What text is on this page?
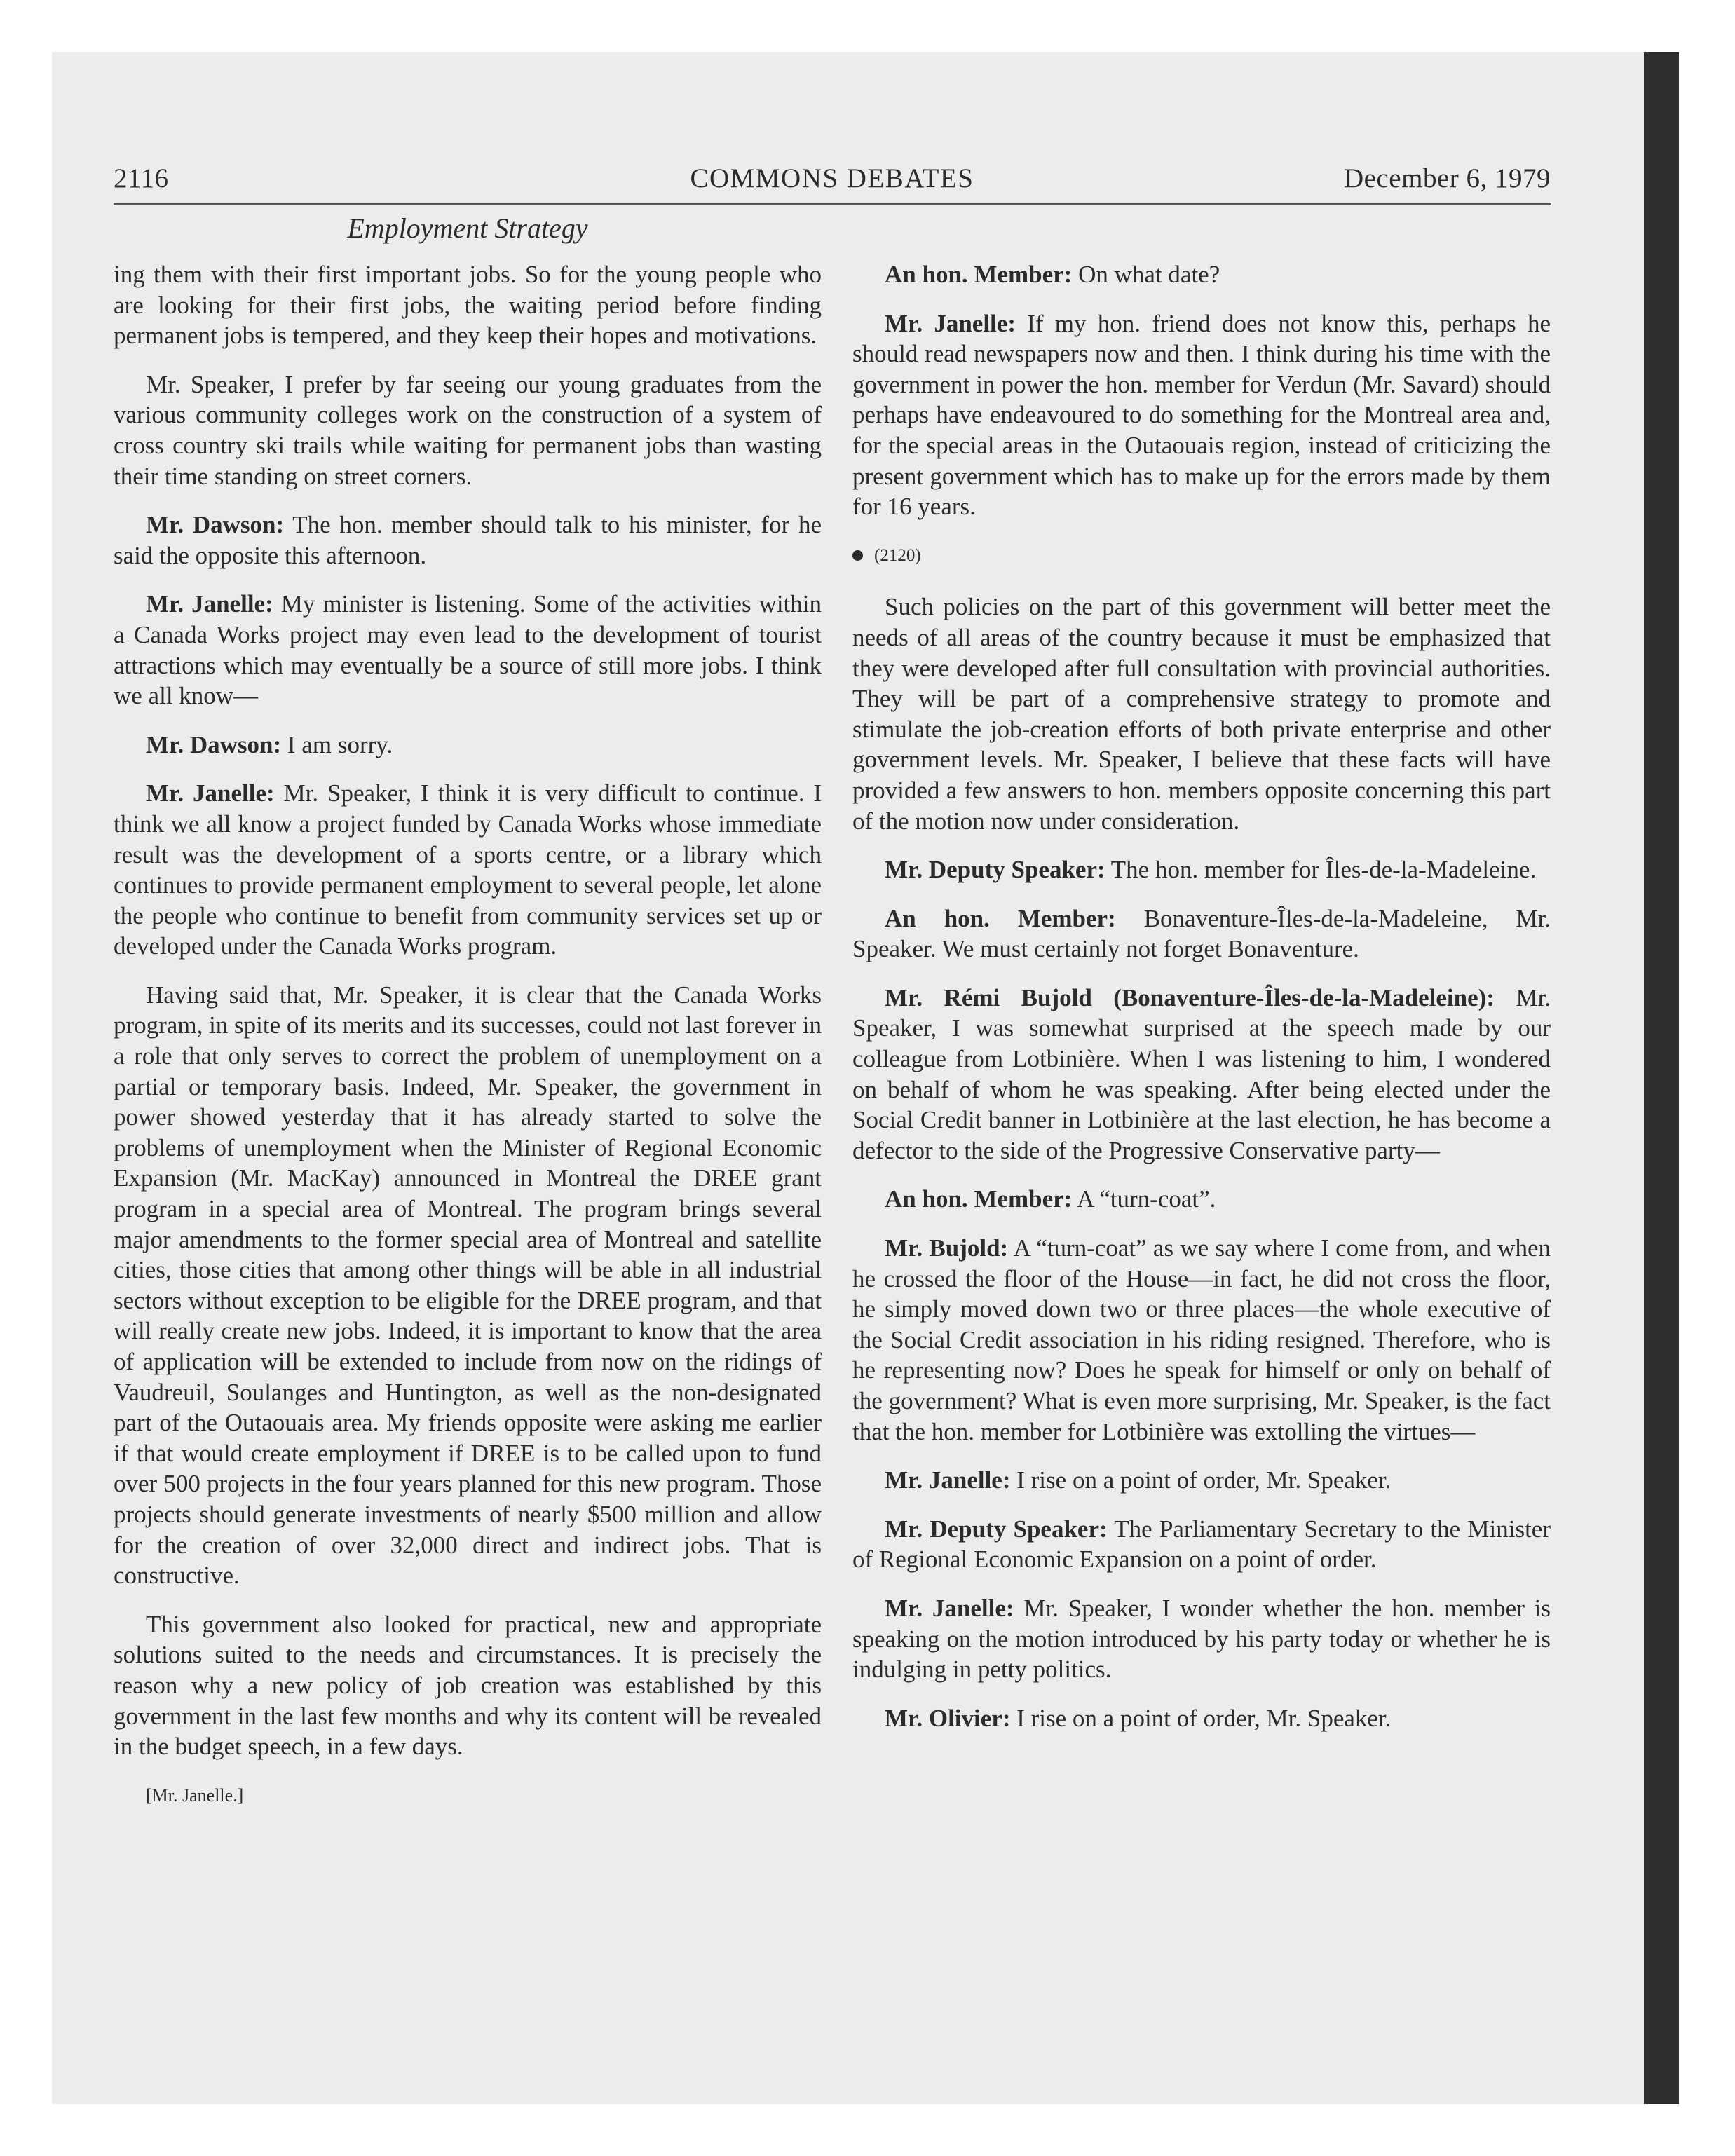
2116	COMMONS DEBATES	December 6, 1979
Employment Strategy

ing them with their first important jobs. So for the young people who are looking for their first jobs, the waiting period before finding permanent jobs is tempered, and they keep their hopes and motivations.

Mr. Speaker, I prefer by far seeing our young graduates from the various community colleges work on the construction of a system of cross country ski trails while waiting for permanent jobs than wasting their time standing on street corners.

Mr. Dawson: The hon. member should talk to his minister, for he said the opposite this afternoon.

Mr. Janelle: My minister is listening. Some of the activities within a Canada Works project may even lead to the development of tourist attractions which may eventually be a source of still more jobs. I think we all know—

Mr. Dawson: I am sorry.

Mr. Janelle: Mr. Speaker, I think it is very difficult to continue. I think we all know a project funded by Canada Works whose immediate result was the development of a sports centre, or a library which continues to provide permanent employment to several people, let alone the people who continue to benefit from community services set up or developed under the Canada Works program.

Having said that, Mr. Speaker, it is clear that the Canada Works program, in spite of its merits and its successes, could not last forever in a role that only serves to correct the problem of unemployment on a partial or temporary basis. Indeed, Mr. Speaker, the government in power showed yesterday that it has already started to solve the problems of unemployment when the Minister of Regional Economic Expansion (Mr. MacKay) announced in Montreal the DREE grant program in a special area of Montreal. The program brings several major amendments to the former special area of Montreal and satellite cities, those cities that among other things will be able in all industrial sectors without exception to be eligible for the DREE program, and that will really create new jobs. Indeed, it is important to know that the area of application will be extended to include from now on the ridings of Vaudreuil, Soulanges and Huntington, as well as the non-designated part of the Outaouais area. My friends opposite were asking me earlier if that would create employment if DREE is to be called upon to fund over 500 projects in the four years planned for this new program. Those projects should generate investments of nearly $500 million and allow for the creation of over 32,000 direct and indirect jobs. That is constructive.

This government also looked for practical, new and appropriate solutions suited to the needs and circumstances. It is precisely the reason why a new policy of job creation was established by this government in the last few months and why its content will be revealed in the budget speech, in a few days.

[Mr. Janelle.]

An hon. Member: On what date?

Mr. Janelle: If my hon. friend does not know this, perhaps he should read newspapers now and then. I think during his time with the government in power the hon. member for Verdun (Mr. Savard) should perhaps have endeavoured to do something for the Montreal area and, for the special areas in the Outaouais region, instead of criticizing the present government which has to make up for the errors made by them for 16 years.

(2120)

Such policies on the part of this government will better meet the needs of all areas of the country because it must be emphasized that they were developed after full consultation with provincial authorities. They will be part of a comprehensive strategy to promote and stimulate the job-creation efforts of both private enterprise and other government levels. Mr. Speaker, I believe that these facts will have provided a few answers to hon. members opposite concerning this part of the motion now under consideration.

Mr. Deputy Speaker: The hon. member for Îles-de-la-Madeleine.

An hon. Member: Bonaventure-Îles-de-la-Madeleine, Mr. Speaker. We must certainly not forget Bonaventure.

Mr. Rémi Bujold (Bonaventure-Îles-de-la-Madeleine): Mr. Speaker, I was somewhat surprised at the speech made by our colleague from Lotbinière. When I was listening to him, I wondered on behalf of whom he was speaking. After being elected under the Social Credit banner in Lotbinière at the last election, he has become a defector to the side of the Progressive Conservative party—

An hon. Member: A “turn-coat”.

Mr. Bujold: A “turn-coat” as we say where I come from, and when he crossed the floor of the House—in fact, he did not cross the floor, he simply moved down two or three places—the whole executive of the Social Credit association in his riding resigned. Therefore, who is he representing now? Does he speak for himself or only on behalf of the government? What is even more surprising, Mr. Speaker, is the fact that the hon. member for Lotbinière was extolling the virtues—

Mr. Janelle: I rise on a point of order, Mr. Speaker.

Mr. Deputy Speaker: The Parliamentary Secretary to the Minister of Regional Economic Expansion on a point of order.

Mr. Janelle: Mr. Speaker, I wonder whether the hon. member is speaking on the motion introduced by his party today or whether he is indulging in petty politics.

Mr. Olivier: I rise on a point of order, Mr. Speaker.
